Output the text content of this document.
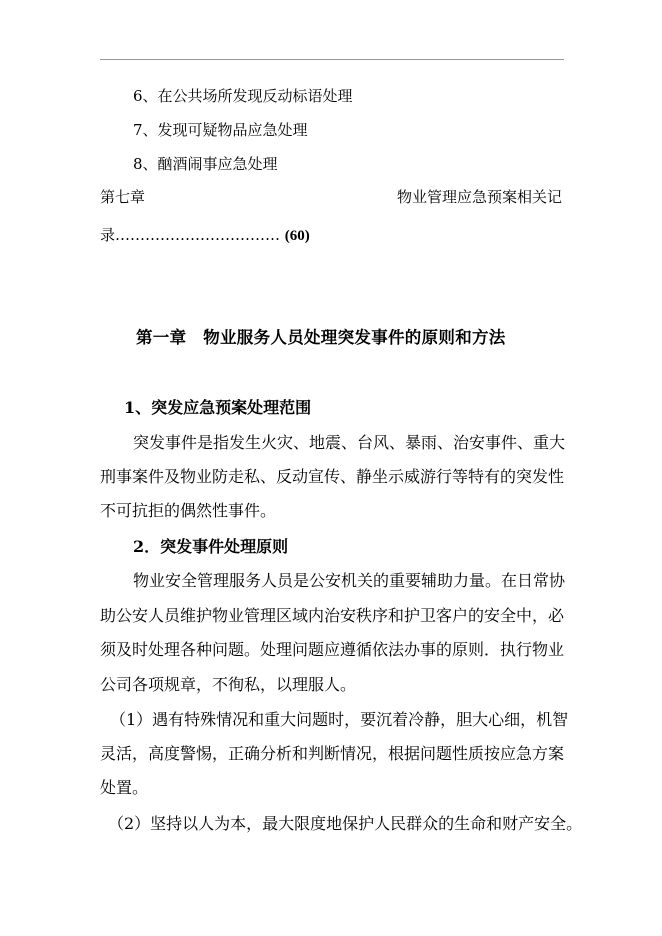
6、在公共场所发现反动标语处理
7、发现可疑物品应急处理
8、酗酒闹事应急处理
第七章	物业管理应急预案相关记
录…………………………… (60)
第一章　物业服务人员处理突发事件的原则和方法
1、突发应急预案处理范围
突发事件是指发生火灾、地震、台风、暴雨、治安事件、重大
刑事案件及物业防走私、反动宣传、静坐示威游行等特有的突发性
不可抗拒的偶然性事件。
2．突发事件处理原则
物业安全管理服务人员是公安机关的重要辅助力量。在日常协
助公安人员维护物业管理区域内治安秩序和护卫客户的安全中，必
须及时处理各种问题。处理问题应遵循依法办事的原则．执行物业
公司各项规章，不徇私，以理服人。
（1）遇有特殊情况和重大问题时，要沉着冷静，胆大心细，机智
灵活，高度警惕，正确分析和判断情况，根据问题性质按应急方案
处置。
（2）坚持以人为本，最大限度地保护人民群众的生命和财产安全。
